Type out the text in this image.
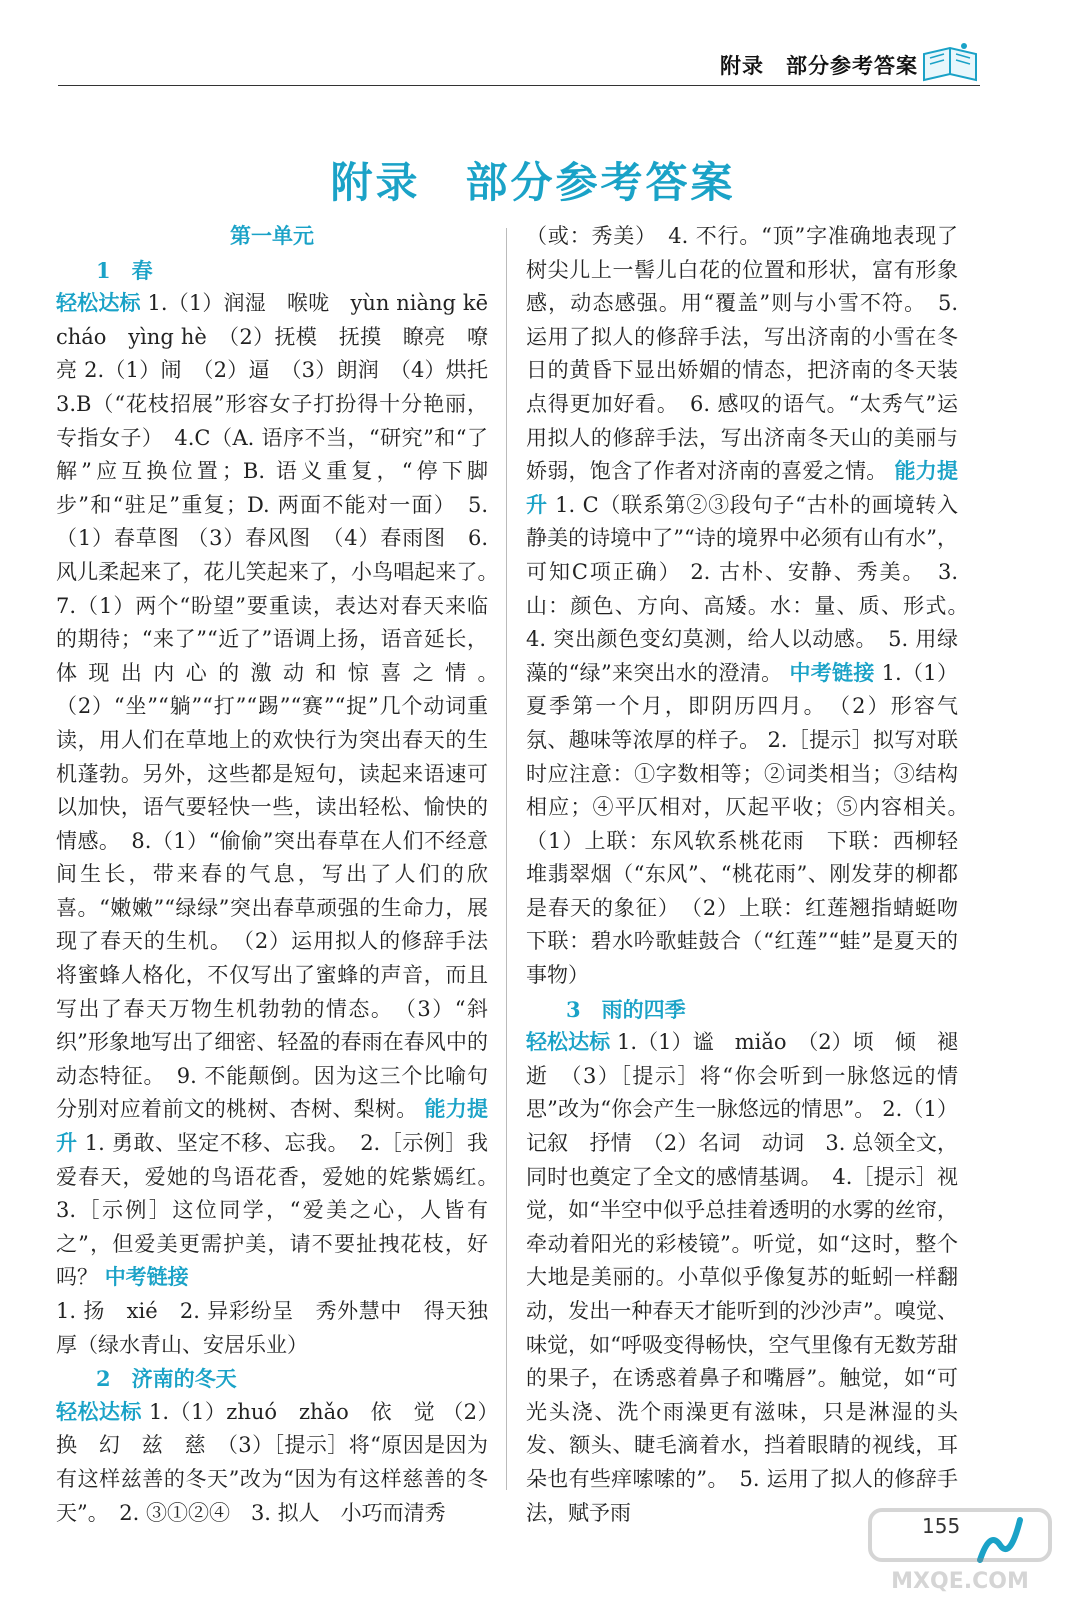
附录　部分参考答案
附录　部分参考答案

第一单元

1　春

轻松达标 1.（1）润湿　喉咙　yùn niàng kē cháo　yìng hè　（2）抚模　抚摸　瞭亮　嘹亮 2.（1）闹　（2）逼　（3）朗润　（4）烘托 3.B（“花枝招展”形容女子打扮得十分艳丽，专指女子）　4.C（A. 语序不当，“研究”和“了解”应互换位置；B. 语义重复，“停下脚步”和“驻足”重复；D. 两面不能对一面）　5.（1）春草图 （3）春风图　（4）春雨图　6. 风儿柔起来了，花儿笑起来了，小鸟唱起来了。　7.（1）两个“盼望”要重读，表达对春天来临的期待；“来了”“近了”语调上扬，语音延长，体现出内心的激动和惊喜之情。　（2）“坐”“躺”“打”“踢”“赛”“捉”几个动词重读，用人们在草地上的欢快行为突出春天的生机蓬勃。另外，这些都是短句，读起来语速可以加快，语气要轻快一些，读出轻松、愉快的情感。　8.（1）“偷偷”突出春草在人们不经意间生长，带来春的气息，写出了人们的欣喜。“嫩嫩”“绿绿”突出春草顽强的生命力，展现了春天的生机。　（2）运用拟人的修辞手法将蜜蜂人格化，不仅写出了蜜蜂的声音，而且写出了春天万物生机勃勃的情态。　（3）“斜织”形象地写出了细密、轻盈的春雨在春风中的动态特征。　9. 不能颠倒。因为这三个比喻句分别对应着前文的桃树、杏树、梨树。 能力提升 1. 勇敢、坚定不移、忘我。　2.［示例］我爱春天，爱她的鸟语花香，爱她的姹紫嫣红。　3.［示例］这位同学，“爱美之心，人皆有之”，但爱美更需护美，请不要扯拽花枝，好吗？ 中考链接

1. 扬　xié　2. 异彩纷呈　秀外慧中　得天独厚（绿水青山、安居乐业）

2　济南的冬天

轻松达标 1.（1）zhuó　zhǎo　依　觉 （2）换　幻　兹　慈　（3）［提示］将“原因是因为有这样兹善的冬天”改为“因为有这样慈善的冬天”。　2. ③①②④　3. 拟人　小巧而清秀

（或：秀美）　4. 不行。“顶”字准确地表现了树尖儿上一髻儿白花的位置和形状，富有形象感，动态感强。用“覆盖”则与小雪不符。　5. 运用了拟人的修辞手法，写出济南的小雪在冬日的黄昏下显出娇媚的情态，把济南的冬天装点得更加好看。　6. 感叹的语气。“太秀气”运用拟人的修辞手法，写出济南冬天山的美丽与娇弱，饱含了作者对济南的喜爱之情。 能力提升 1. C（联系第②③段句子“古朴的画境转入静美的诗境中了”“诗的境界中必须有山有水”，可知C项正确） 2. 古朴、安静、秀美。　3. 山：颜色、方向、高矮。水：量、质、形式。　4. 突出颜色变幻莫测，给人以动感。　5. 用绿藻的“绿”来突出水的澄清。 中考链接 1.（1）夏季第一个月，即阴历四月。　（2）形容气氛、趣味等浓厚的样子。 2.［提示］拟写对联时应注意：①字数相等；②词类相当；③结构相应；④平仄相对，仄起平收；⑤内容相关。　（1）上联：东风软系桃花雨　下联：西柳轻堆翡翠烟（“东风”、“桃花雨”、刚发芽的柳都是春天的象征）　（2）上联：红莲翘指蜻蜓吻　下联：碧水吟歌蛙鼓合（“红莲”“蛙”是夏天的事物）

3　雨的四季

轻松达标 1.（1）谧　miǎo　（2）顷　倾　褪　逝　（3）［提示］将“你会听到一脉悠远的情思”改为“你会产生一脉悠远的情思”。 2.（1）记叙　抒情　（2）名词　动词　3. 总领全文，同时也奠定了全文的感情基调。　4.［提示］视觉，如“半空中似乎总挂着透明的水雾的丝帘，牵动着阳光的彩棱镜”。听觉，如“这时，整个大地是美丽的。小草似乎像复苏的蚯蚓一样翻动，发出一种春天才能听到的沙沙声”。嗅觉、味觉，如“呼吸变得畅快，空气里像有无数芳甜的果子，在诱惑着鼻子和嘴唇”。触觉，如“可光头浇、洗个雨澡更有滋味，只是淋湿的头发、额头、睫毛滴着水，挡着眼睛的视线，耳朵也有些痒嗦嗦的”。　5. 运用了拟人的修辞手法，赋予雨

155
MXQE.COM
